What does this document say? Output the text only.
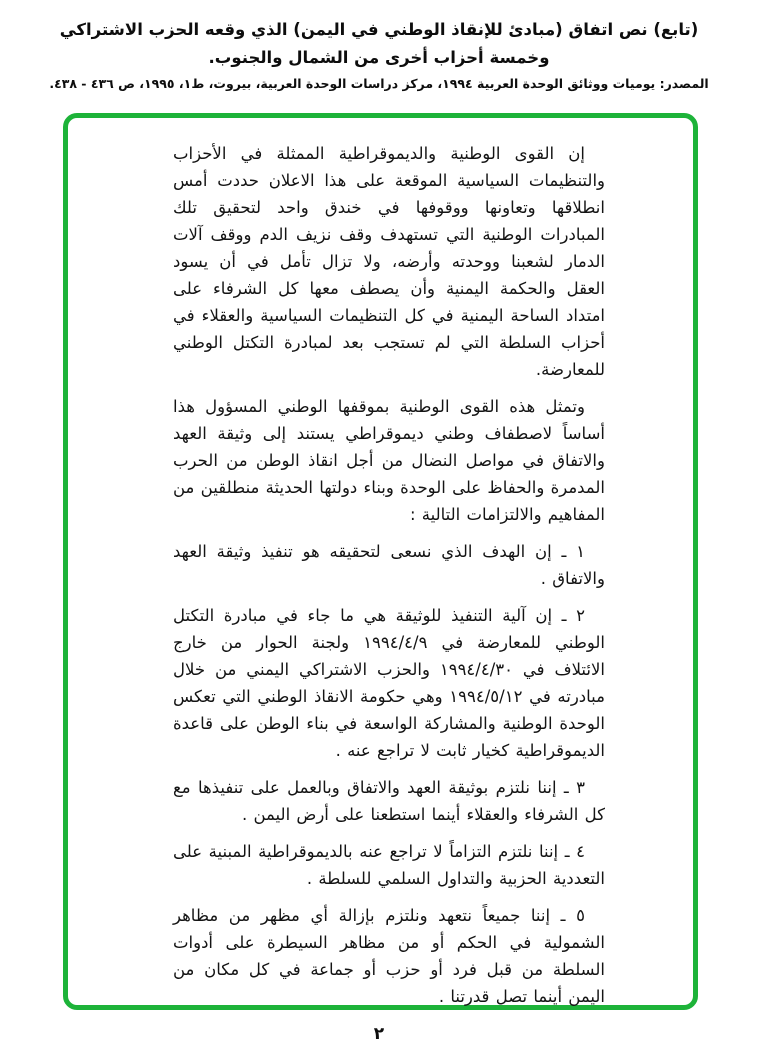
(تابع) نص اتفاق (مبادئ للإنقاذ الوطني في اليمن) الذي وقعه الحزب الاشتراكي وخمسة أحزاب أخرى من الشمال والجنوب.
المصدر: يوميات ووثائق الوحدة العربية ١٩٩٤، مركز دراسات الوحدة العربية، بيروت، ط١، ١٩٩٥، ص ٤٣٦ - ٤٣٨.

إن القوى الوطنية والديموقراطية الممثلة في الأحزاب والتنظيمات السياسية الموقعة على هذا الاعلان حددت أمس انطلاقها وتعاونها ووقوفها في خندق واحد لتحقيق تلك المبادرات الوطنية التي تستهدف وقف نزيف الدم ووقف آلات الدمار لشعبنا ووحدته وأرضه، ولا تزال تأمل في أن يسود العقل والحكمة اليمنية وأن يصطف معها كل الشرفاء على امتداد الساحة اليمنية في كل التنظيمات السياسية والعقلاء في أحزاب السلطة التي لم تستجب بعد لمبادرة التكتل الوطني للمعارضة.

وتمثل هذه القوى الوطنية بموقفها الوطني المسؤول هذا أساساً لاصطفاف وطني ديموقراطي يستند إلى وثيقة العهد والاتفاق في مواصل النضال من أجل انقاذ الوطن من الحرب المدمرة والحفاظ على الوحدة وبناء دولتها الحديثة منطلقين من المفاهيم والالتزامات التالية :

١ ـ إن الهدف الذي نسعى لتحقيقه هو تنفيذ وثيقة العهد والاتفاق .

٢ ـ إن آلية التنفيذ للوثيقة هي ما جاء في مبادرة التكتل الوطني للمعارضة في ١٩٩٤/٤/٩ ولجنة الحوار من خارج الائتلاف في ١٩٩٤/٤/٣٠ والحزب الاشتراكي اليمني من خلال مبادرته في ١٩٩٤/٥/١٢ وهي حكومة الانقاذ الوطني التي تعكس الوحدة الوطنية والمشاركة الواسعة في بناء الوطن على قاعدة الديموقراطية كخيار ثابت لا تراجع عنه .

٣ ـ إننا نلتزم بوثيقة العهد والاتفاق وبالعمل على تنفيذها مع كل الشرفاء والعقلاء أينما استطعنا على أرض اليمن .

٤ ـ إننا نلتزم التزاماً لا تراجع عنه بالديموقراطية المبنية على التعددية الحزبية والتداول السلمي للسلطة .

٥ ـ إننا جميعاً نتعهد ونلتزم بإزالة أي مظهر من مظاهر الشمولية في الحكم أو من مظاهر السيطرة على أدوات السلطة من قبل فرد أو حزب أو جماعة في كل مكان من اليمن أينما تصل قدرتنا .

٢
